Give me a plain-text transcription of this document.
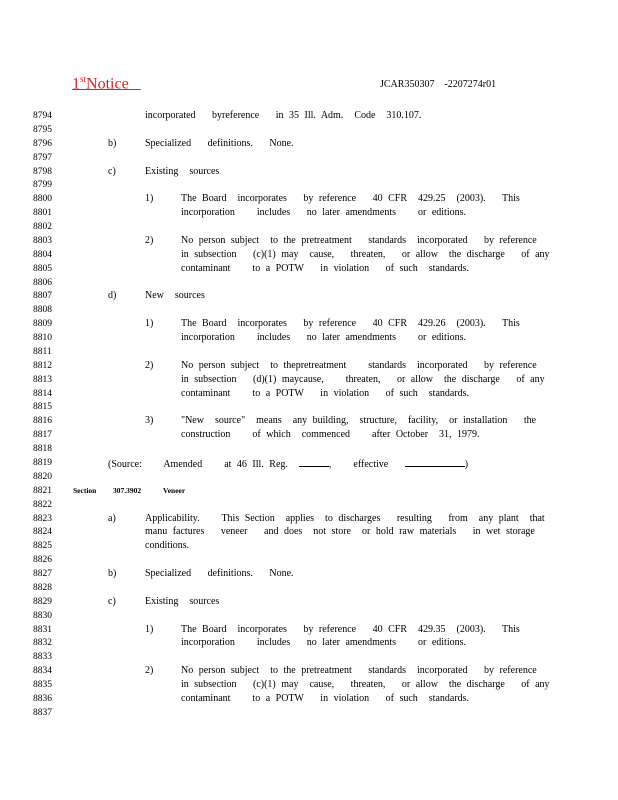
1stNotice	JCAR350307    -2207274r01
8794	incorporated   byreference   in 35 Ill. Adm.  Code  310.107.
8795
8796	b)	Specialized   definitions.   None.
8797
8798	c)	Existing  sources
8799
8800	1)	The Board  incorporates   by reference   40 CFR  429.25  (2003).   This
8801	incorporation    includes   no later amendments    or editions.
8802
8803	2)	No person subject  to the pretreatment   standards  incorporated   by reference
8804	in subsection   (c)(1) may  cause,   threaten,   or allow  the discharge   of any
8805	contaminant    to a POTW   in violation   of such  standards.
8806
8807	d)	New  sources
8808
8809	1)	The Board  incorporates   by reference   40 CFR  429.26  (2003).   This
8810	incorporation    includes   no later amendments    or editions.
8811
8812	2)	No person subject  to thepretreatment    standards  incorporated   by reference
8813	in subsection   (d)(1) maycause,    threaten,   or allow  the discharge   of any
8814	contaminant    to a POTW   in violation   of such  standards.
8815
8816	3)	"New  source"  means  any building,  structure,  facility,  or installation   the
8817	construction    of which  commenced    after October  31, 1979.
8818
8819	(Source:    Amended    at 46 Ill. Reg.	,    effective	)
8820
8821	Section 307.3902	Veneer
8822
8823	a)	Applicability.    This Section  applies  to discharges   resulting   from  any plant  that
8824	manu factures   veneer   and does  not store  or hold raw materials   in wet storage
8825	conditions.
8826
8827	b)	Specialized   definitions.   None.
8828
8829	c)	Existing  sources
8830
8831	1)	The Board  incorporates   by reference   40 CFR  429.35  (2003).   This
8832	incorporation    includes   no later amendments    or editions.
8833
8834	2)	No person subject  to the pretreatment   standards  incorporated   by reference
8835	in subsection   (c)(1) may  cause,   threaten,   or allow  the discharge   of any
8836	contaminant    to a POTW   in violation   of such  standards.
8837
